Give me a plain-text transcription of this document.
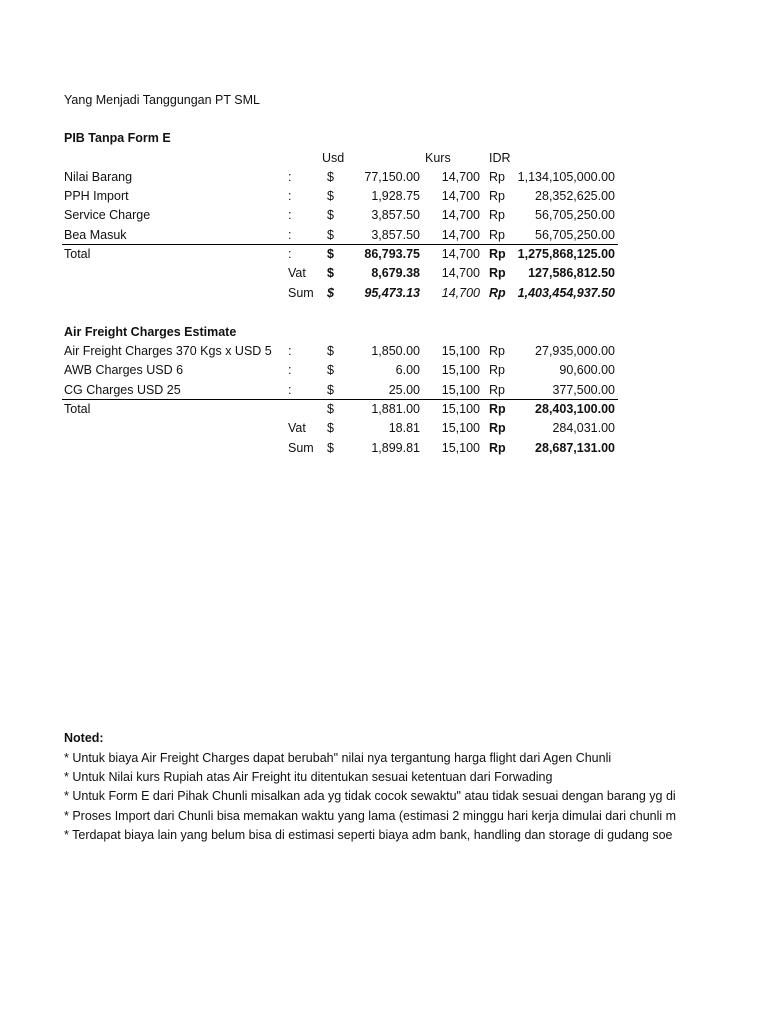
Yang Menjadi Tanggungan PT SML
PIB Tanpa Form E
Usd	Kurs	IDR
Nilai Barang	:	$	77,150.00	14,700 Rp	1,134,105,000.00
PPH Import	:	$	1,928.75	14,700 Rp	28,352,625.00
Service Charge	:	$	3,857.50	14,700 Rp	56,705,250.00
Bea Masuk	:	$	3,857.50	14,700 Rp	56,705,250.00
Total	:	$	86,793.75	14,700 Rp 1,275,868,125.00
Vat $	8,679.38	14,700 Rp	127,586,812.50
Sum $	95,473.13	14,700 Rp 1,403,454,937.50
Air Freight Charges Estimate
Air Freight Charges 370 Kgs x USD 5 :	$	1,850.00	15,100 Rp	27,935,000.00
AWB Charges USD 6	:	$	6.00	15,100 Rp	90,600.00
CG Charges USD 25	:	$	25.00	15,100 Rp	377,500.00
Total	$	1,881.00	15,100 Rp	28,403,100.00
Vat $	18.81	15,100 Rp	284,031.00
Sum $	1,899.81	15,100 Rp	28,687,131.00
Noted:
* Untuk biaya Air Freight Charges dapat berubah" nilai nya tergantung harga flight dari Agen Chunli
* Untuk Nilai kurs Rupiah atas Air Freight itu ditentukan sesuai ketentuan dari Forwading
* Untuk Form E dari Pihak Chunli misalkan ada yg tidak cocok sewaktu" atau tidak sesuai dengan barang yg di
* Proses Import dari Chunli bisa memakan waktu yang lama (estimasi 2 minggu hari kerja dimulai dari chunli m
* Terdapat biaya lain yang belum bisa di estimasi seperti biaya adm bank, handling dan storage di gudang soe
